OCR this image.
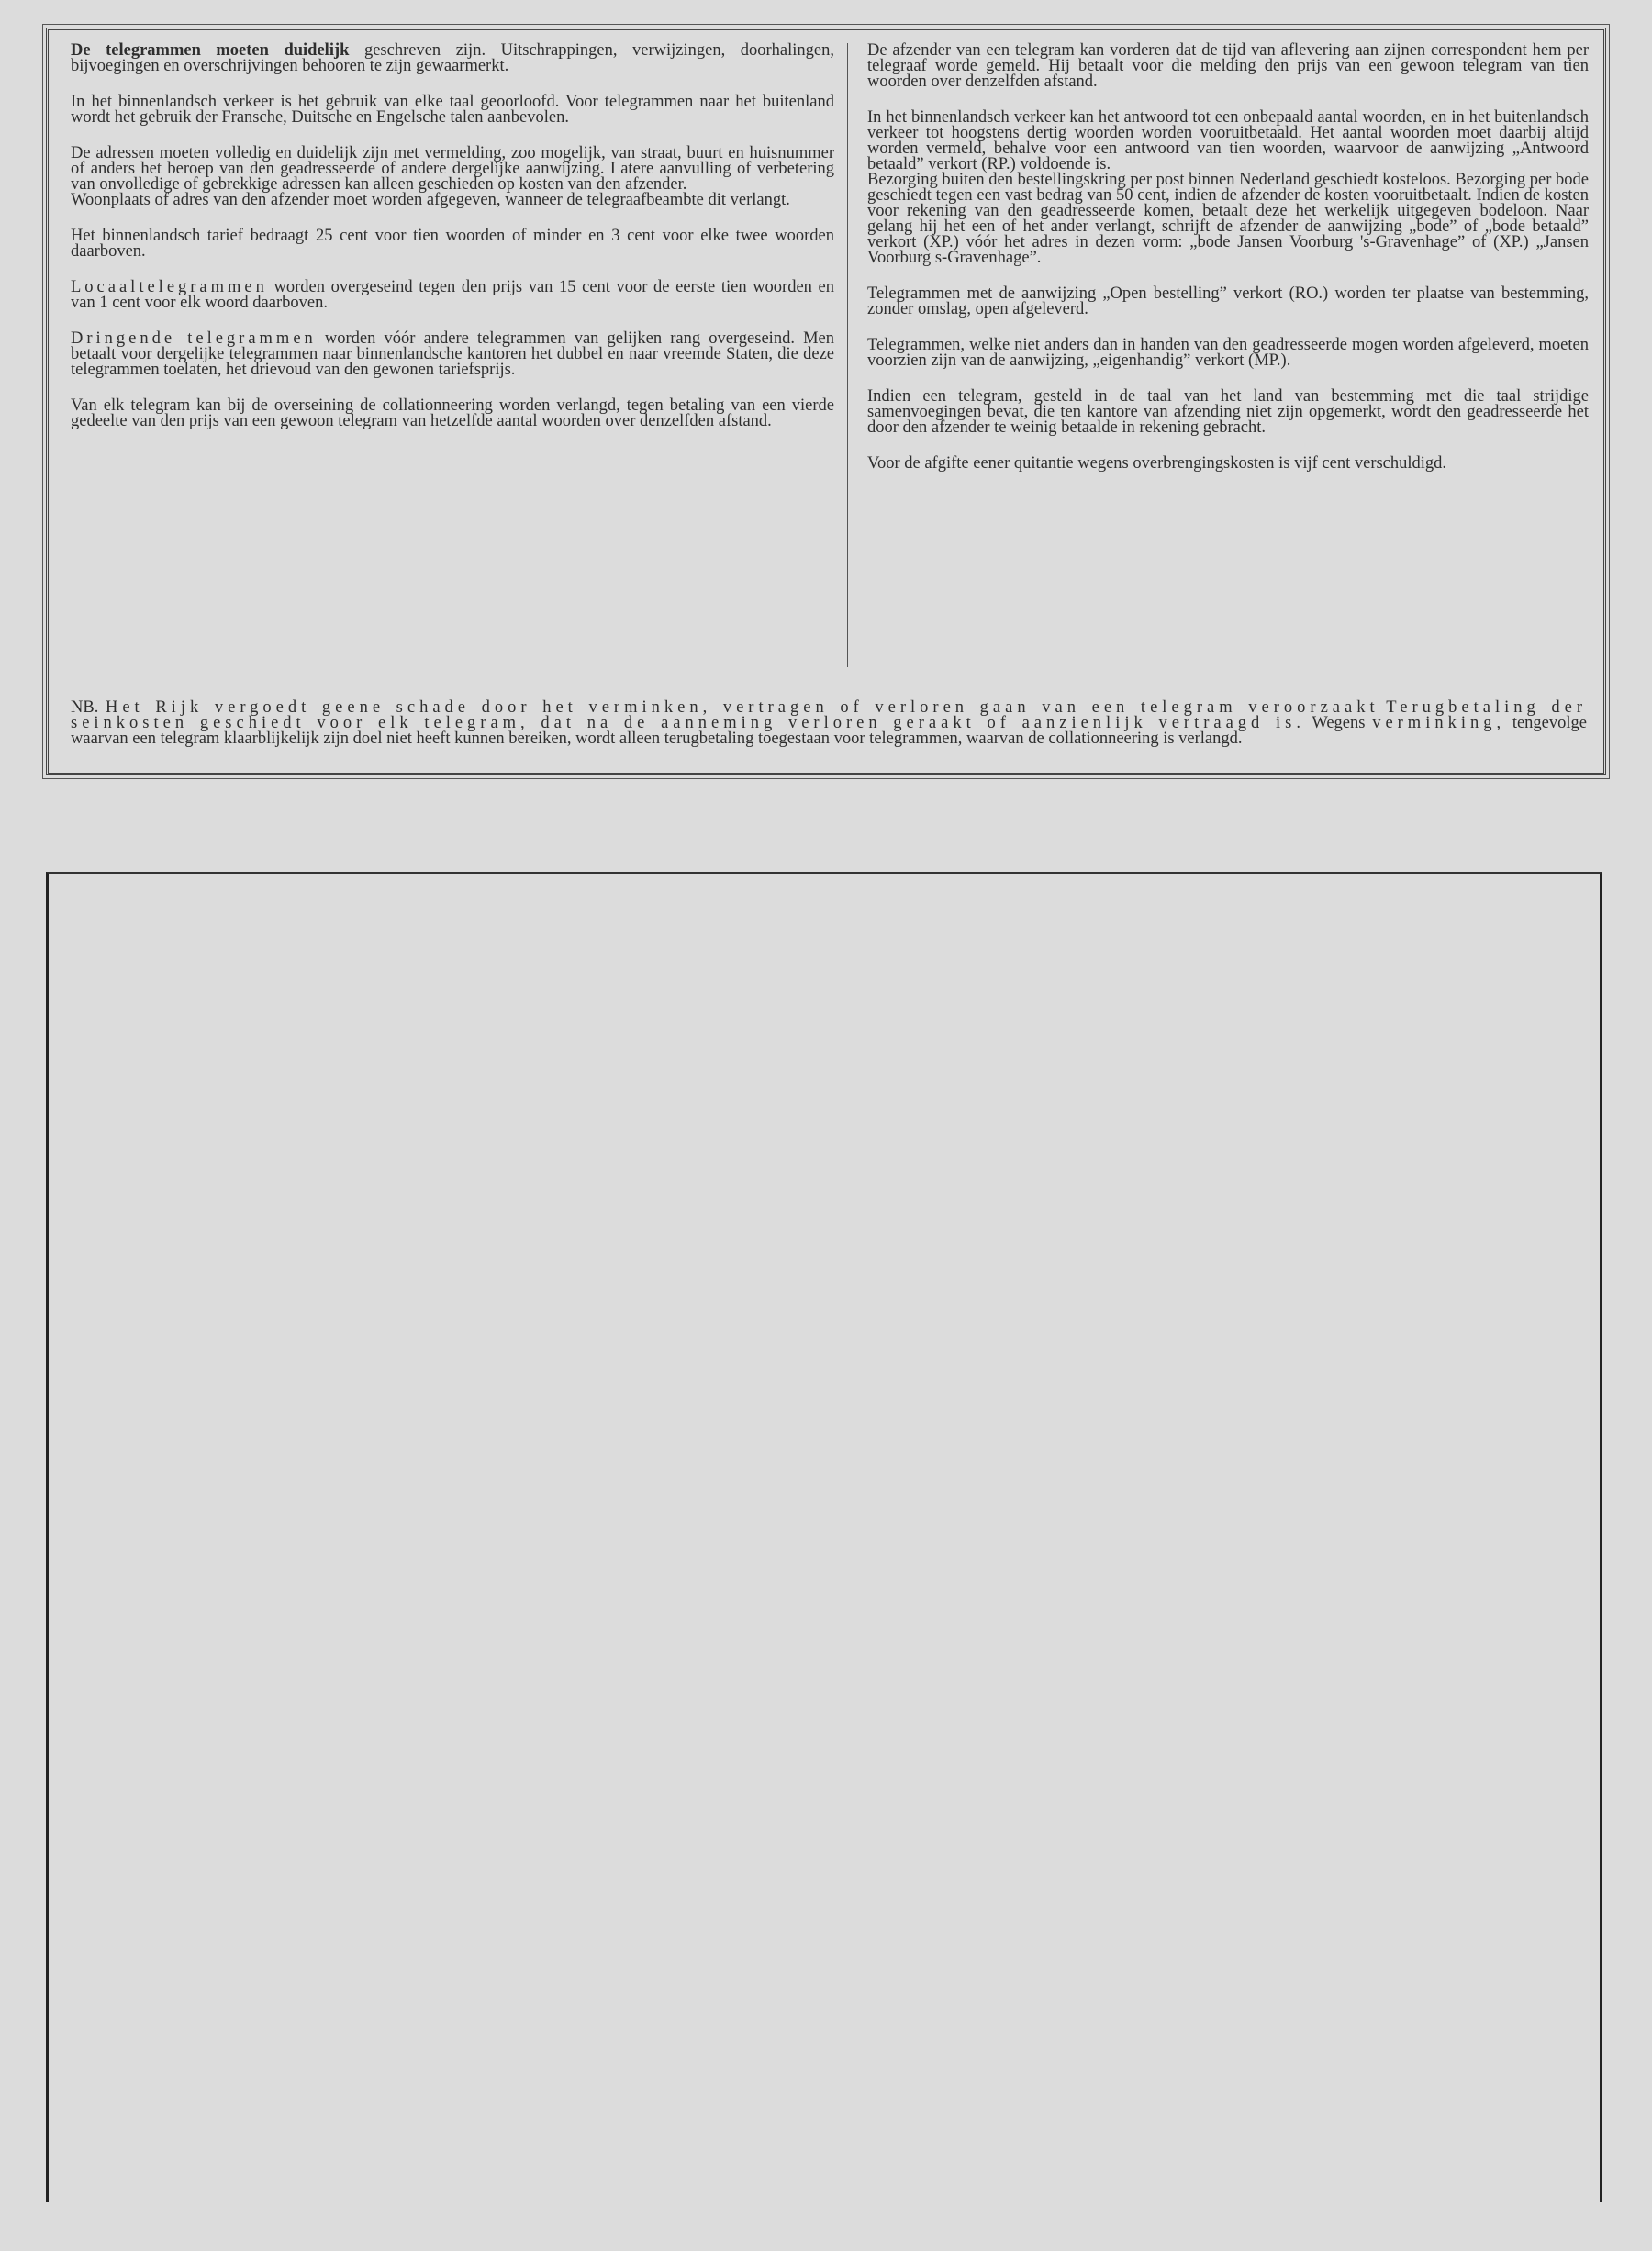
De telegrammen moeten duidelijk geschreven zijn. Uitschrappingen, verwijzingen, doorhalingen, bijvoegingen en overschrijvingen behooren te zijn gewaarmerkt.

In het binnenlandsch verkeer is het gebruik van elke taal geoorloofd. Voor telegrammen naar het buitenland wordt het gebruik der Fransche, Duitsche en Engelsche talen aanbevolen.

De adressen moeten volledig en duidelijk zijn met vermelding, zoo mogelijk, van straat, buurt en huisnummer of anders het beroep van den geadresseerde of andere dergelijke aanwijzing. Latere aanvulling of verbetering van onvolledige of gebrekkige adressen kan alleen geschieden op kosten van den afzender.

Woonplaats of adres van den afzender moet worden afgegeven, wanneer de telegraafbeambte dit verlangt.

Het binnenlandsch tarief bedraagt 25 cent voor tien woorden of minder en 3 cent voor elke twee woorden daarboven.

Locaaltelegrammen worden overgeseind tegen den prijs van 15 cent voor de eerste tien woorden en van 1 cent voor elk woord daarboven.

Dringende telegrammen worden vóór andere telegrammen van gelijken rang overgeseind. Men betaalt voor dergelijke telegrammen naar binnenlandsche kantoren het dubbel en naar vreemde Staten, die deze telegrammen toelaten, het drievoud van den gewonen tariefsprijs.

Van elk telegram kan bij de overseining de collationneering worden verlangd, tegen betaling van een vierde gedeelte van den prijs van een gewoon telegram van hetzelfde aantal woorden over denzelfden afstand.

De afzender van een telegram kan vorderen dat de tijd van aflevering aan zijnen correspondent hem per telegraaf worde gemeld. Hij betaalt voor die melding den prijs van een gewoon telegram van tien woorden over denzelfden afstand.

In het binnenlandsch verkeer kan het antwoord tot een onbepaald aantal woorden, en in het buitenlandsch verkeer tot hoogstens dertig woorden worden vooruitbetaald. Het aantal woorden moet daarbij altijd worden vermeld, behalve voor een antwoord van tien woorden, waarvoor de aanwijzing „Antwoord betaald” verkort (RP.) voldoende is.

Bezorging buiten den bestellingskring per post binnen Nederland geschiedt kosteloos. Bezorging per bode geschiedt tegen een vast bedrag van 50 cent, indien de afzender de kosten vooruitbetaalt. Indien de kosten voor rekening van den geadresseerde komen, betaalt deze het werkelijk uitgegeven bodeloon. Naar gelang hij het een of het ander verlangt, schrijft de afzender de aanwijzing „bode” of „bode betaald” verkort (XP.) vóór het adres in dezen vorm: „bode Jansen Voorburg 's-Gravenhage” of (XP.) „Jansen Voorburg s-Gravenhage”.

Telegrammen met de aanwijzing „Open bestelling” verkort (RO.) worden ter plaatse van bestemming, zonder omslag, open afgeleverd.

Telegrammen, welke niet anders dan in handen van den geadresseerde mogen worden afgeleverd, moeten voorzien zijn van de aanwijzing, „eigenhandig” verkort (MP.).

Indien een telegram, gesteld in de taal van het land van bestemming met die taal strijdige samenvoegingen bevat, die ten kantore van afzending niet zijn opgemerkt, wordt den geadresseerde het door den afzender te weinig betaalde in rekening gebracht.

Voor de afgifte eener quitantie wegens overbrengingskosten is vijf cent verschuldigd.

NB. Het Rijk vergoedt geene schade door het verminken, vertragen of verloren gaan van een telegram veroorzaakt Terugbetaling der seinkosten geschiedt voor elk telegram, dat na de aanneming verloren geraakt of aanzienlijk vertraagd is. Wegens verminking, tengevolge waarvan een telegram klaarblijkelijk zijn doel niet heeft kunnen bereiken, wordt alleen terugbetaling toegestaan voor telegrammen, waarvan de collationneering is verlangd.
